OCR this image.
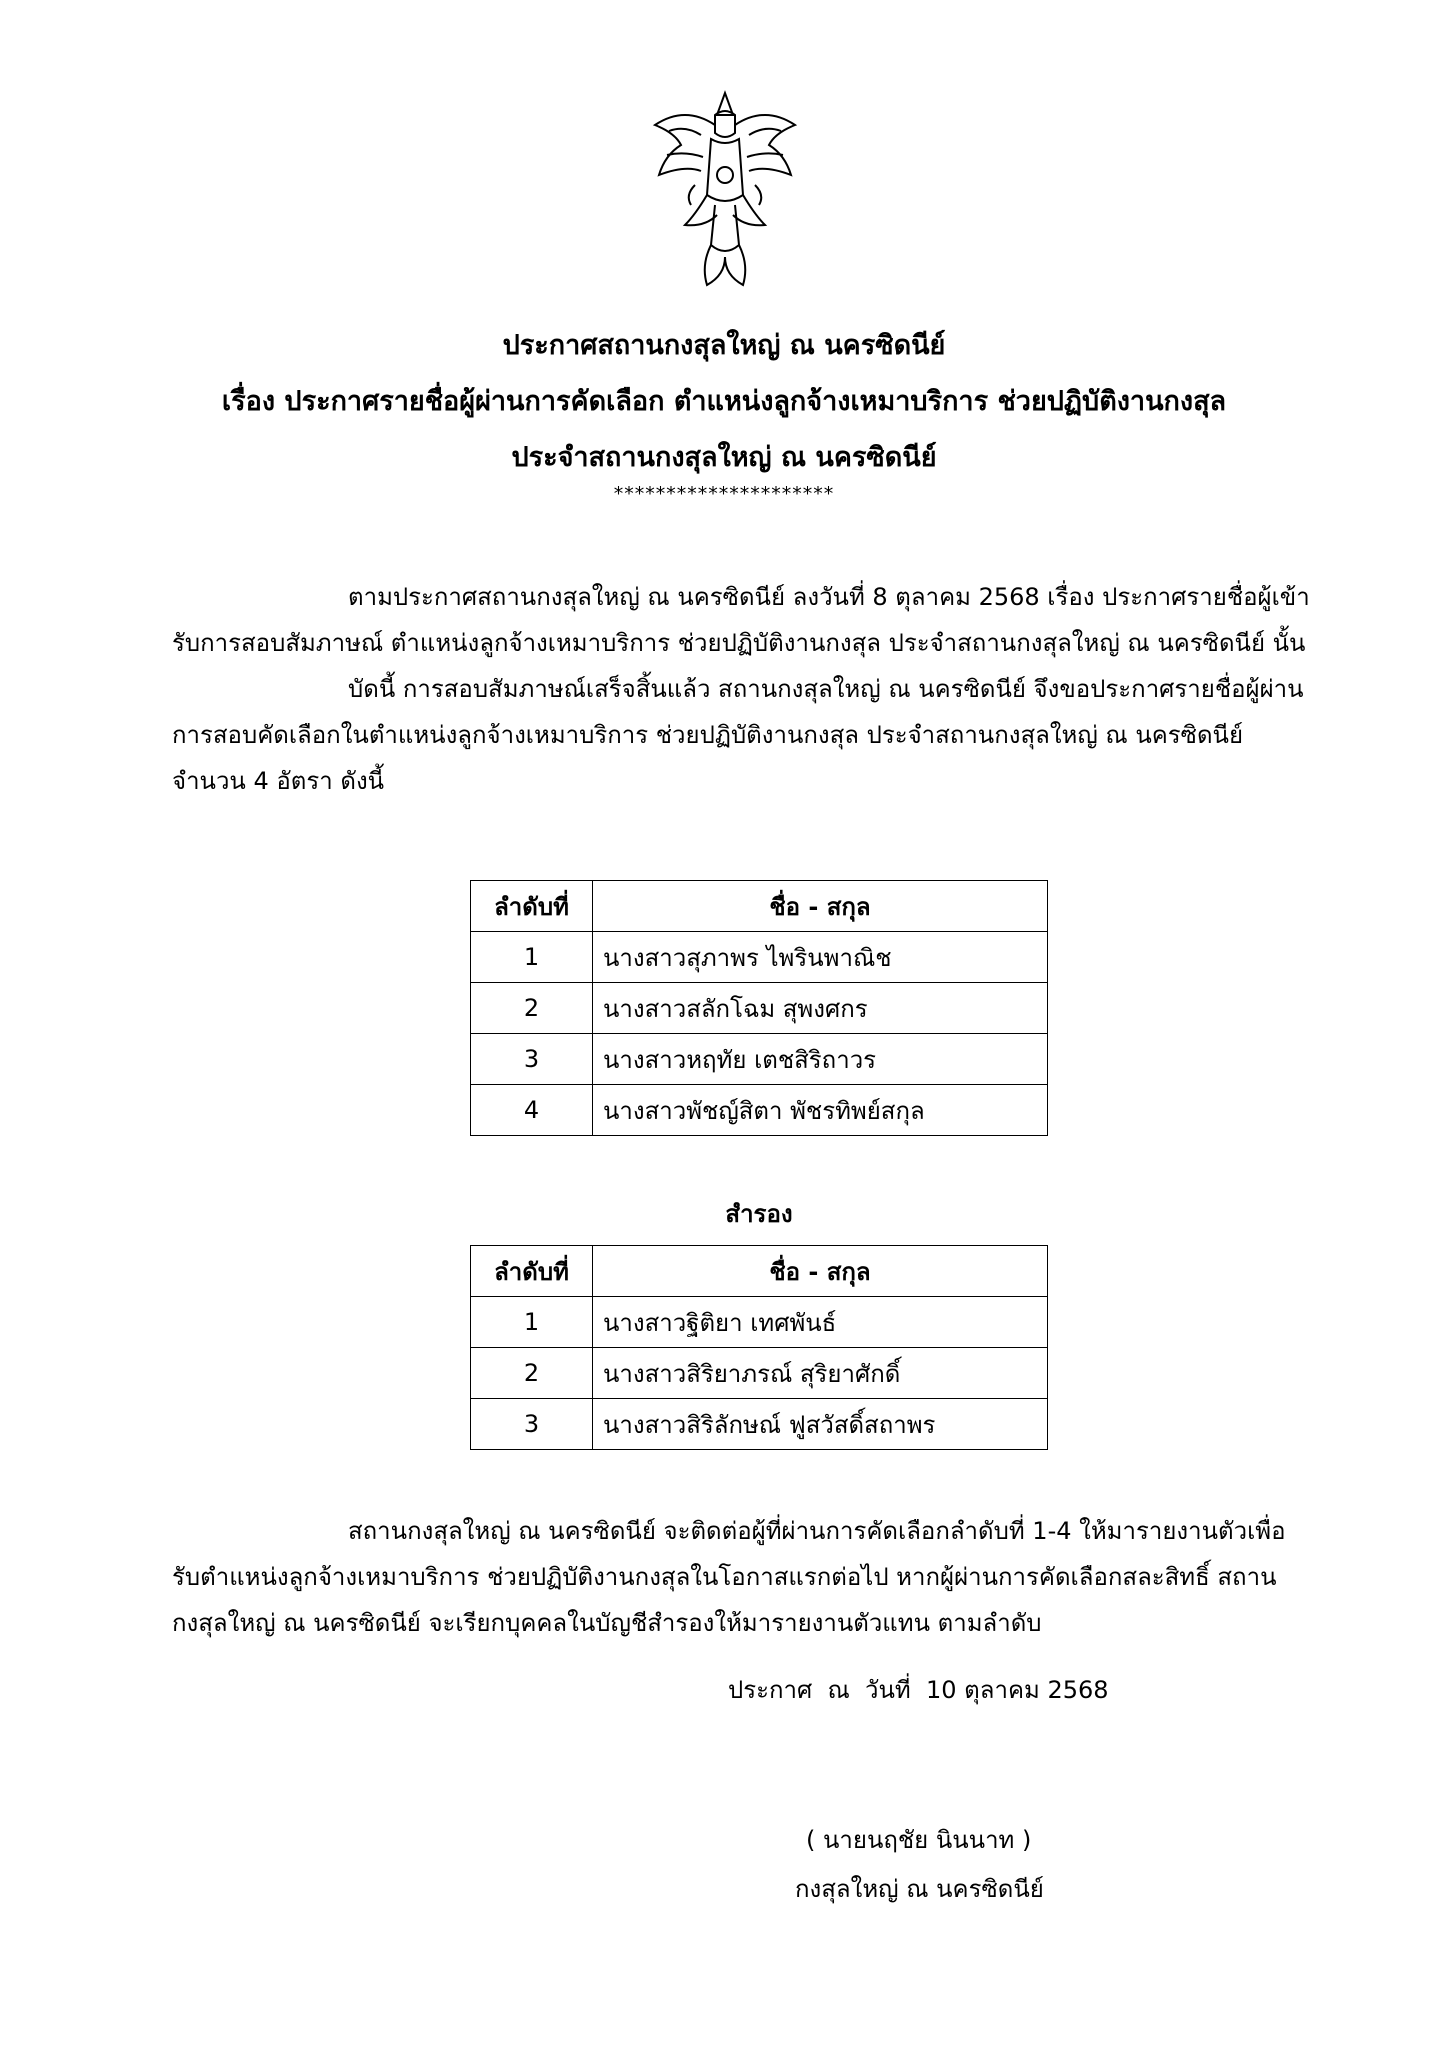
ประกาศสถานกงสุลใหญ่ ณ นครซิดนีย์

เรื่อง ประกาศรายชื่อผู้ผ่านการคัดเลือก ตำแหน่งลูกจ้างเหมาบริการ ช่วยปฏิบัติงานกงสุล

ประจำสถานกงสุลใหญ่ ณ นครซิดนีย์

*********************

ตามประกาศสถานกงสุลใหญ่ ณ นครซิดนีย์ ลงวันที่ 8 ตุลาคม 2568 เรื่อง ประกาศรายชื่อผู้เข้ารับการสอบสัมภาษณ์ ตำแหน่งลูกจ้างเหมาบริการ ช่วยปฏิบัติงานกงสุล ประจำสถานกงสุลใหญ่ ณ นครซิดนีย์ นั้น

บัดนี้ การสอบสัมภาษณ์เสร็จสิ้นแล้ว สถานกงสุลใหญ่ ณ นครซิดนีย์ จึงขอประกาศรายชื่อผู้ผ่านการสอบคัดเลือกในตำแหน่งลูกจ้างเหมาบริการ ช่วยปฏิบัติงานกงสุล ประจำสถานกงสุลใหญ่ ณ นครซิดนีย์ จำนวน 4 อัตรา ดังนี้

ลำดับที่	ชื่อ - สกุล
1	นางสาวสุภาพร ไพรินพาณิช
2	นางสาวสลักโฉม สุพงศกร
3	นางสาวหฤทัย เตชสิริถาวร
4	นางสาวพัชญ์สิตา พัชรทิพย์สกุล
สำรอง
ลำดับที่	ชื่อ - สกุล
1	นางสาวฐิติยา เทศพันธ์
2	นางสาวสิริยาภรณ์ สุริยาศักดิ์
3	นางสาวสิริลักษณ์ ฟูสวัสดิ์สถาพร

สถานกงสุลใหญ่ ณ นครซิดนีย์ จะติดต่อผู้ที่ผ่านการคัดเลือกลำดับที่ 1-4 ให้มารายงานตัวเพื่อรับตำแหน่งลูกจ้างเหมาบริการ ช่วยปฏิบัติงานกงสุลในโอกาสแรกต่อไป หากผู้ผ่านการคัดเลือกสละสิทธิ์ สถานกงสุลใหญ่ ณ นครซิดนีย์ จะเรียกบุคคลในบัญชีสำรองให้มารายงานตัวแทน ตามลำดับ

ประกาศ  ณ  วันที่  10 ตุลาคม 2568
( นายนฤชัย นินนาท )
กงสุลใหญ่ ณ นครซิดนีย์
